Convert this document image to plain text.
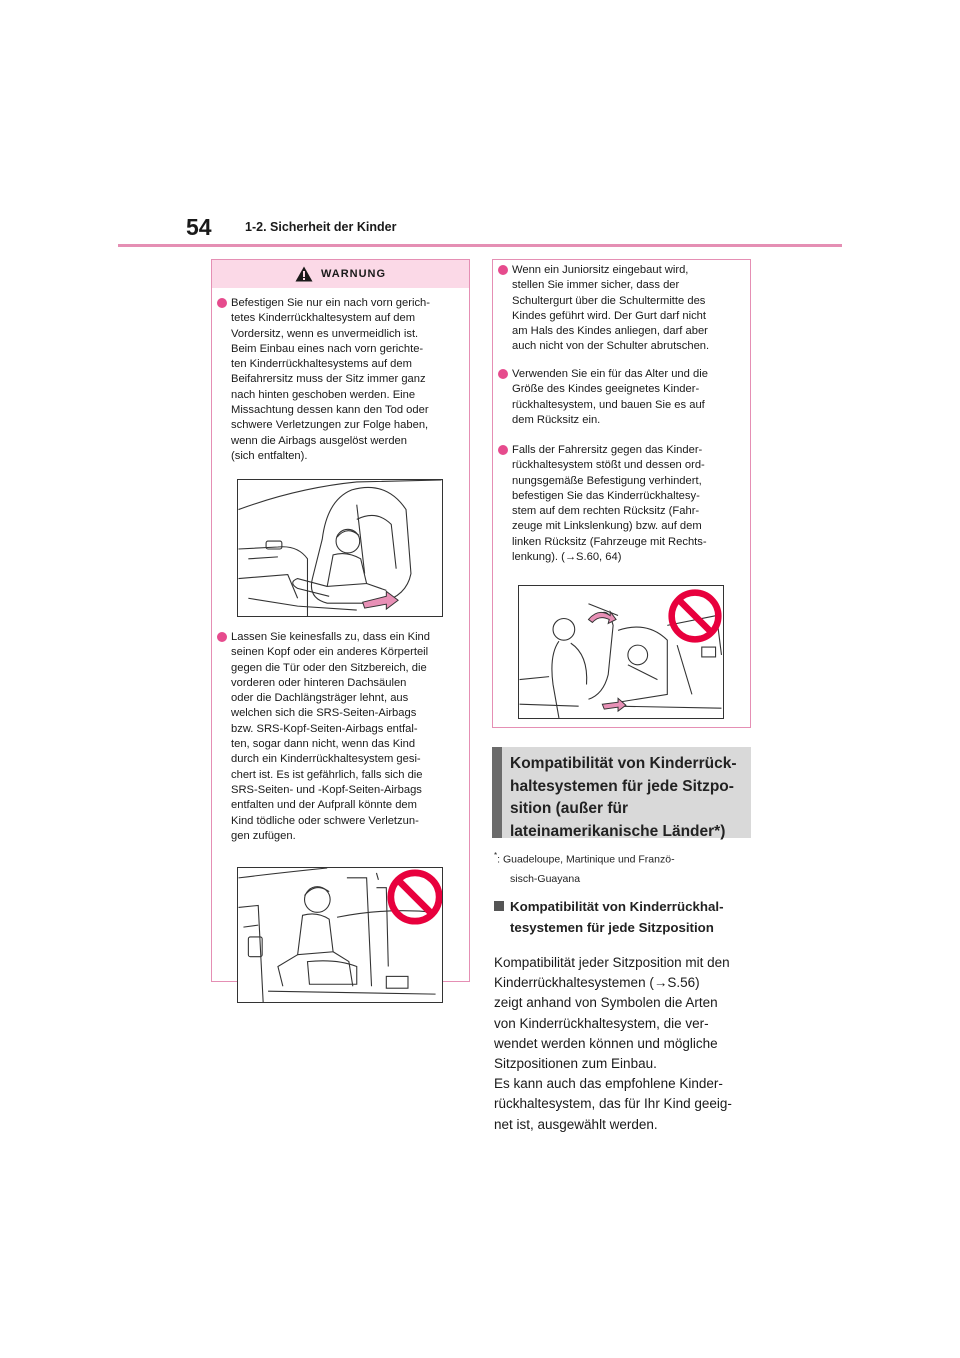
54	1-2. Sicherheit der Kinder
WARNUNG
Befestigen Sie nur ein nach vorn gerich-
tetes Kinderrückhaltesystem auf dem
Vordersitz, wenn es unvermeidlich ist.
Beim Einbau eines nach vorn gerichte-
ten Kinderrückhaltesystems auf dem
Beifahrersitz muss der Sitz immer ganz
nach hinten geschoben werden. Eine
Missachtung dessen kann den Tod oder
schwere Verletzungen zur Folge haben,
wenn die Airbags ausgelöst werden
(sich entfalten).
Lassen Sie keinesfalls zu, dass ein Kind
seinen Kopf oder ein anderes Körperteil
gegen die Tür oder den Sitzbereich, die
vorderen oder hinteren Dachsäulen
oder die Dachlängsträger lehnt, aus
welchen sich die SRS-Seiten-Airbags
bzw. SRS-Kopf-Seiten-Airbags entfal-
ten, sogar dann nicht, wenn das Kind
durch ein Kinderrückhaltesystem gesi-
chert ist. Es ist gefährlich, falls sich die
SRS-Seiten- und -Kopf-Seiten-Airbags
entfalten und der Aufprall könnte dem
Kind tödliche oder schwere Verletzun-
gen zufügen.
Wenn ein Juniorsitz eingebaut wird,
stellen Sie immer sicher, dass der
Schultergurt über die Schultermitte des
Kindes geführt wird. Der Gurt darf nicht
am Hals des Kindes anliegen, darf aber
auch nicht von der Schulter abrutschen.
Verwenden Sie ein für das Alter und die
Größe des Kindes geeignetes Kinder-
rückhaltesystem, und bauen Sie es auf
dem Rücksitz ein.
Falls der Fahrersitz gegen das Kinder-
rückhaltesystem stößt und dessen ord-
nungsgemäße Befestigung verhindert,
befestigen Sie das Kinderrückhaltesy-
stem auf dem rechten Rücksitz (Fahr-
zeuge mit Linkslenkung) bzw. auf dem
linken Rücksitz (Fahrzeuge mit Rechts-
lenkung). (→S.60, 64)
Kompatibilität von Kinderrück-
haltesystemen für jede Sitzpo-
sition (außer für
lateinamerikanische Länder*)
*: Guadeloupe, Martinique und Franzö-
sisch-Guayana
Kompatibilität von Kinderrückhal-
tesystemen für jede Sitzposition
Kompatibilität jeder Sitzposition mit den
Kinderrückhaltesystemen (→S.56)
zeigt anhand von Symbolen die Arten
von Kinderrückhaltesystem, die ver-
wendet werden können und mögliche
Sitzpositionen zum Einbau.
Es kann auch das empfohlene Kinder-
rückhaltesystem, das für Ihr Kind geeig-
net ist, ausgewählt werden.
